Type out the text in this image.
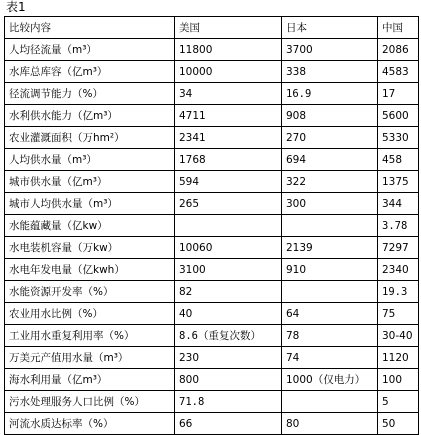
表1
比较内容	美国	日本	中国
人均径流量（m³）	11800	3700	2086
水库总库容（亿m³）	10000	338	4583
径流调节能力（%）	34	16.9	17
水利供水能力（亿m³）	4711	908	5600
农业灌溉面积（万hm²）	2341	270	5330
人均供水量（m³）	1768	694	458
城市供水量（亿m³）	594	322	1375
城市人均供水量（m³）	265	300	344
水能蕴藏量（亿kw）			3.78
水电装机容量（万kw）	10060	2139	7297
水电年发电量（亿kwh）	3100	910	2340
水能资源开发率（%）	82		19.3
农业用水比例（%）	40	64	75
工业用水重复利用率（%）	8.6（重复次数）	78	30-40
万美元产值用水量（m³）	230	74	1120
海水利用量（亿m³）	800	1000（仅电力）	100
污水处理服务人口比例（%）	71.8		5
河流水质达标率（%）	66	80	50
